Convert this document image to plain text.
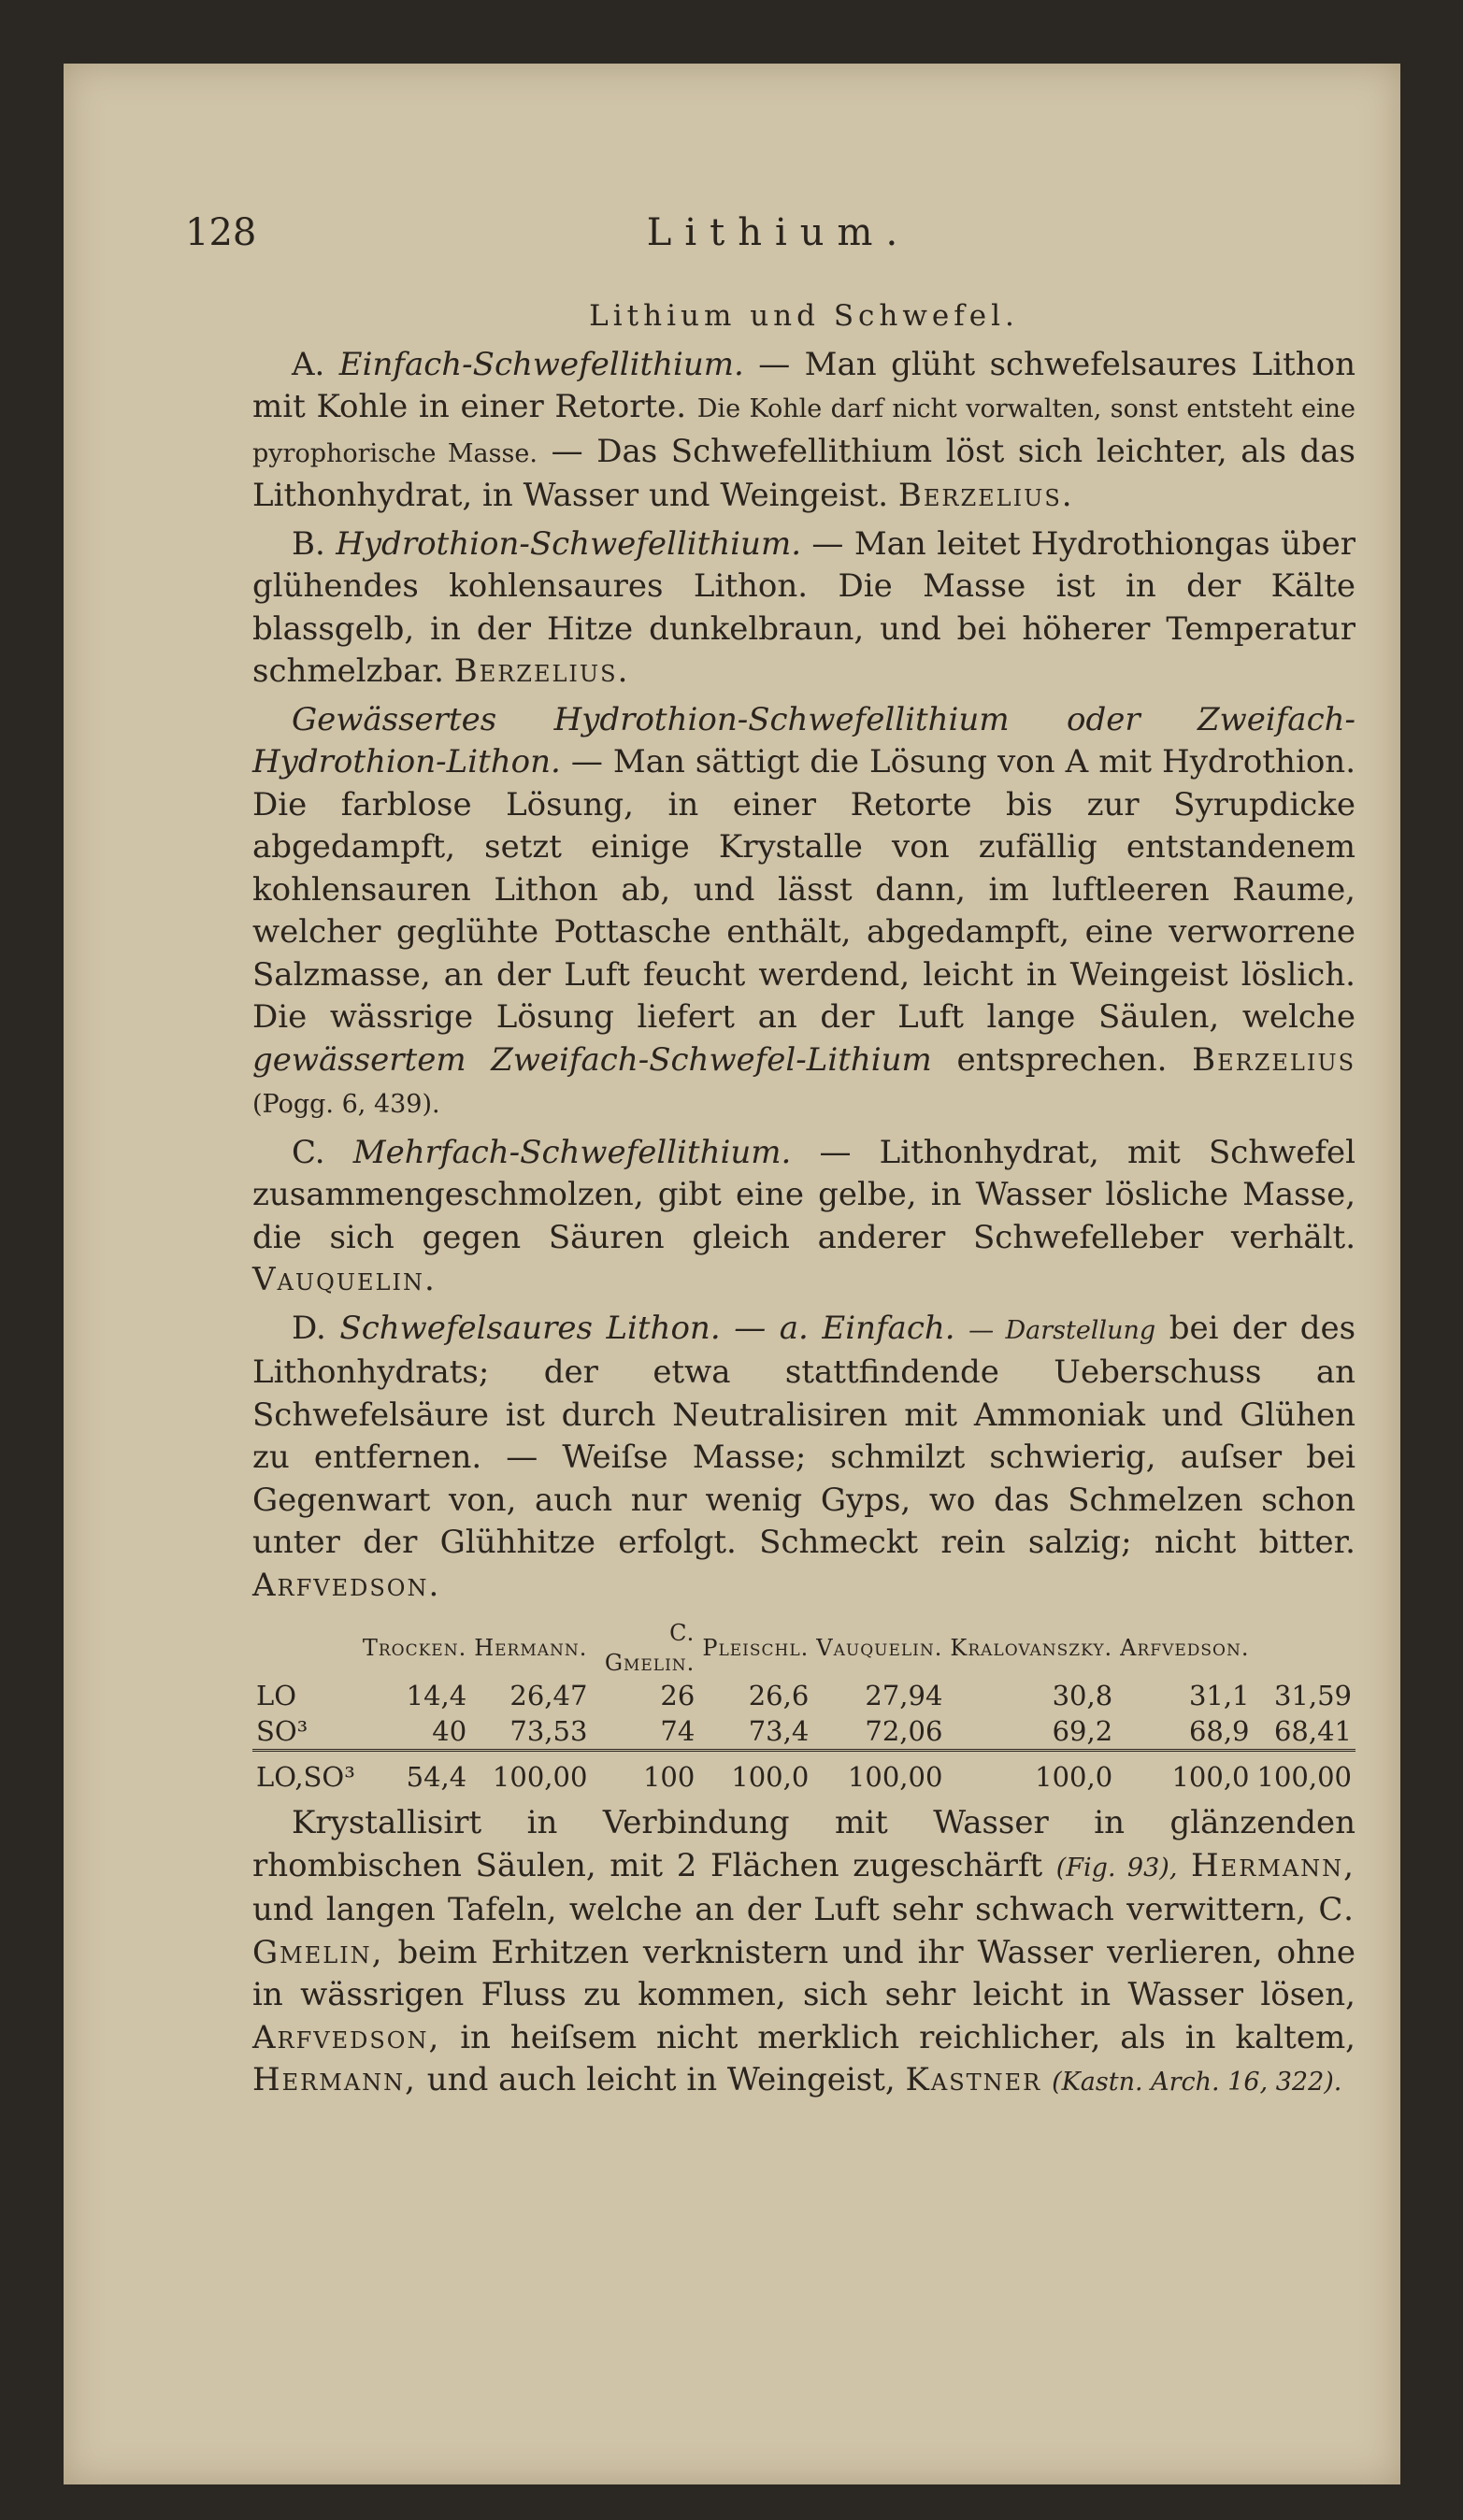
128	Lithium.
Lithium und Schwefel.

A. Einfach-Schwefellithium. — Man glüht schwefelsaures Lithon mit Kohle in einer Retorte. Die Kohle darf nicht vorwalten, sonst entsteht eine pyrophorische Masse. — Das Schwefellithium löst sich leichter, als das Lithonhydrat, in Wasser und Weingeist. Berzelius.

B. Hydrothion-Schwefellithium. — Man leitet Hydrothiongas über glühendes kohlensaures Lithon. Die Masse ist in der Kälte blassgelb, in der Hitze dunkelbraun, und bei höherer Temperatur schmelzbar. Berzelius.

Gewässertes Hydrothion-Schwefellithium oder Zweifach-Hydrothion-Lithon. — Man sättigt die Lösung von A mit Hydrothion. Die farblose Lösung, in einer Retorte bis zur Syrupdicke abgedampft, setzt einige Krystalle von zufällig entstandenem kohlensauren Lithon ab, und lässt dann, im luftleeren Raume, welcher geglühte Pottasche enthält, abgedampft, eine verworrene Salzmasse, an der Luft feucht werdend, leicht in Weingeist löslich. Die wässrige Lösung liefert an der Luft lange Säulen, welche gewässertem Zweifach-Schwefel-Lithium entsprechen. Berzelius (Pogg. 6, 439).

C. Mehrfach-Schwefellithium. — Lithonhydrat, mit Schwefel zusammengeschmolzen, gibt eine gelbe, in Wasser lösliche Masse, die sich gegen Säuren gleich anderer Schwefelleber verhält. Vauquelin.

D. Schwefelsaures Lithon. — a. Einfach. — Darstellung bei der des Lithonhydrats; der etwa stattfindende Ueberschuss an Schwefelsäure ist durch Neutralisiren mit Ammoniak und Glühen zu entfernen. — Weiſse Masse; schmilzt schwierig, auſser bei Gegenwart von, auch nur wenig Gyps, wo das Schmelzen schon unter der Glühhitze erfolgt. Schmeckt rein salzig; nicht bitter. Arfvedson.

	Trocken.	Hermann.	C. Gmelin.	Pleischl.	Vauquelin.	Kralovanszky.	Arfvedson.	
LO	14,4	26,47	26	26,6	27,94	30,8	31,1	31,59
SO³	40	73,53	74	73,4	72,06	69,2	68,9	68,41
LO,SO³	54,4	100,00	100	100,0	100,00	100,0	100,0	100,00

Krystallisirt in Verbindung mit Wasser in glänzenden rhombischen Säulen, mit 2 Flächen zugeschärft (Fig. 93), Hermann, und langen Tafeln, welche an der Luft sehr schwach verwittern, C. Gmelin, beim Erhitzen verknistern und ihr Wasser verlieren, ohne in wässrigen Fluss zu kommen, sich sehr leicht in Wasser lösen, Arfvedson, in heiſsem nicht merklich reichlicher, als in kaltem, Hermann, und auch leicht in Weingeist, Kastner (Kastn. Arch. 16, 322).
